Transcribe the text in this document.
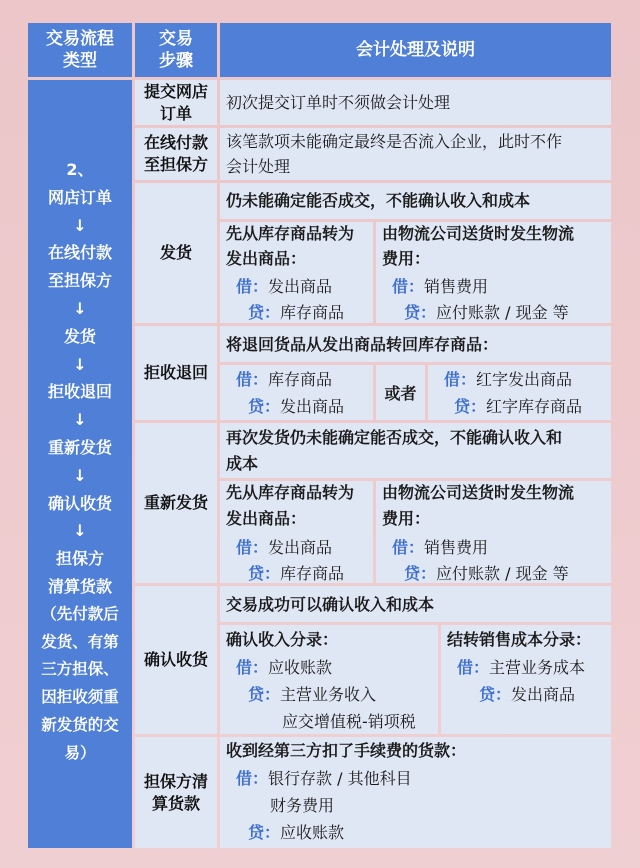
交易流程类型
交易步骤
会计处理及说明
2、
网店订单
↓
在线付款
至担保方
↓
发货
↓
拒收退回
↓
重新发货
↓
确认收货
↓
担保方
清算货款
（先付款后
发货、有第
三方担保、
因拒收须重
新发货的交
易）
提交网店订单
初次提交订单时不须做会计处理
在线付款至担保方
该笔款项未能确定最终是否流入企业，此时不作
会计处理
发货
仍未能确定能否成交，不能确认收入和成本
先从库存商品转为
发出商品：
借：发出商品
贷：库存商品
由物流公司送货时发生物流
费用：
借：销售费用
贷：应付账款 / 现金 等
拒收退回
将退回货品从发出商品转回库存商品：
借：库存商品
贷：发出商品
或者
借：红字发出商品
贷：红字库存商品
重新发货
再次发货仍未能确定能否成交，不能确认收入和
成本
先从库存商品转为
发出商品：
借：发出商品
贷：库存商品
由物流公司送货时发生物流
费用：
借：销售费用
贷：应付账款 / 现金 等
确认收货
交易成功可以确认收入和成本
确认收入分录：
借：应收账款
贷：主营业务收入
应交增值税-销项税
结转销售成本分录：
借：主营业务成本
贷：发出商品
担保方清算货款
收到经第三方扣了手续费的货款：
借：银行存款 / 其他科目
财务费用
贷：应收账款
